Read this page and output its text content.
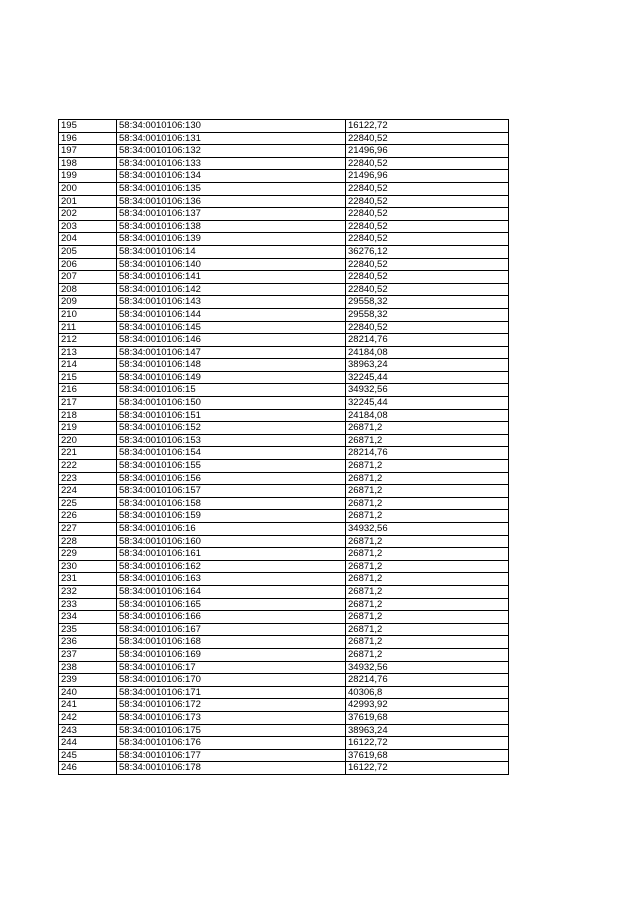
195	58:34:0010106:130	16122,72
196	58:34:0010106:131	22840,52
197	58:34:0010106:132	21496,96
198	58:34:0010106:133	22840,52
199	58:34:0010106:134	21496,96
200	58:34:0010106:135	22840,52
201	58:34:0010106:136	22840,52
202	58:34:0010106:137	22840,52
203	58:34:0010106:138	22840,52
204	58:34:0010106:139	22840,52
205	58:34:0010106:14	36276,12
206	58:34:0010106:140	22840,52
207	58:34:0010106:141	22840,52
208	58:34:0010106:142	22840,52
209	58:34:0010106:143	29558,32
210	58:34:0010106:144	29558,32
211	58:34:0010106:145	22840,52
212	58:34:0010106:146	28214,76
213	58:34:0010106:147	24184,08
214	58:34:0010106:148	38963,24
215	58:34:0010106:149	32245,44
216	58:34:0010106:15	34932,56
217	58:34:0010106:150	32245,44
218	58:34:0010106:151	24184,08
219	58:34:0010106:152	26871,2
220	58:34:0010106:153	26871,2
221	58:34:0010106:154	28214,76
222	58:34:0010106:155	26871,2
223	58:34:0010106:156	26871,2
224	58:34:0010106:157	26871,2
225	58:34:0010106:158	26871,2
226	58:34:0010106:159	26871,2
227	58:34:0010106:16	34932,56
228	58:34:0010106:160	26871,2
229	58:34:0010106:161	26871,2
230	58:34:0010106:162	26871,2
231	58:34:0010106:163	26871,2
232	58:34:0010106:164	26871,2
233	58:34:0010106:165	26871,2
234	58:34:0010106:166	26871,2
235	58:34:0010106:167	26871,2
236	58:34:0010106:168	26871,2
237	58:34:0010106:169	26871,2
238	58:34:0010106:17	34932,56
239	58:34:0010106:170	28214,76
240	58:34:0010106:171	40306,8
241	58:34:0010106:172	42993,92
242	58:34:0010106:173	37619,68
243	58:34:0010106:175	38963,24
244	58:34:0010106:176	16122,72
245	58:34:0010106:177	37619,68
246	58:34:0010106:178	16122,72
